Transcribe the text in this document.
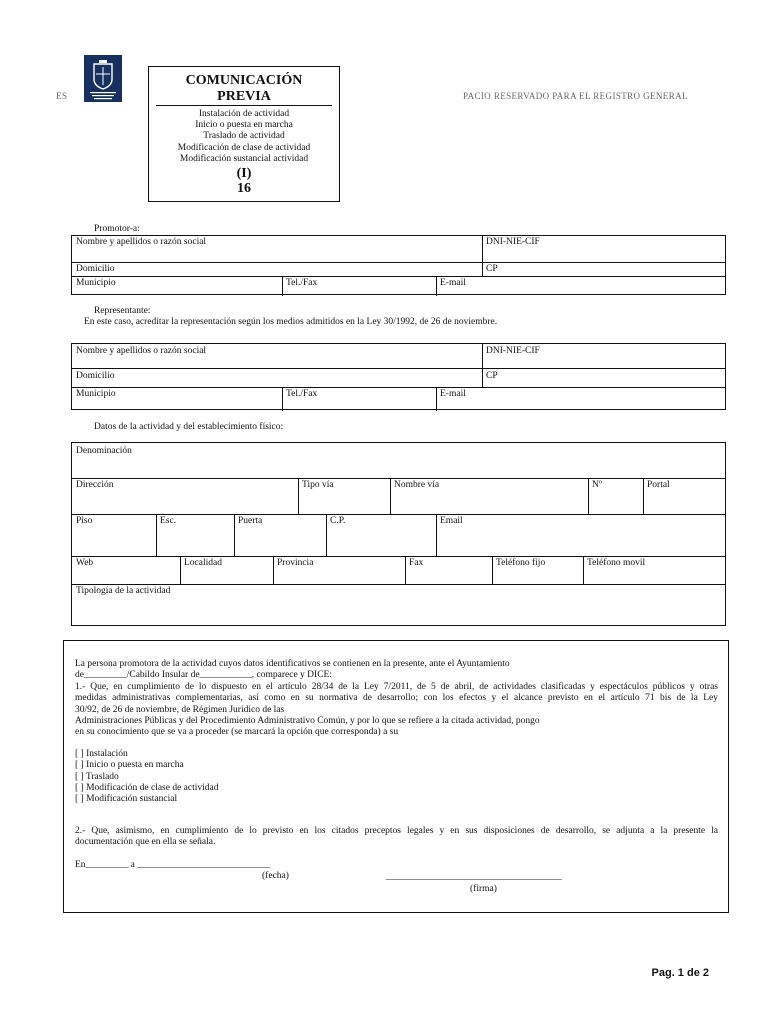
ES	PACIO RESERVADO PARA EL REGISTRO GENERAL
COMUNICACIÓN
PREVIA
Instalación de actividad
Inicio o puesta en marcha
Traslado de actividad
Modificación de clase de actividad
Modificación sustancial actividad
(I)
16
Promotor-a:
Nombre y apellidos o razón social	DNI-NIE-CIF
Domicilio	CP
Municipio	Tel./Fax	E-mail
Representante:
En este caso, acreditar la representación según los medios admitidos en la Ley 30/1992, de 26 de noviembre.
Nombre y apellidos o razón social	DNI-NIE-CIF
Domicilio	CP
Municipio	Tel./Fax	E-mail
Datos de la actividad y del establecimiento físico:
Denominación
Dirección	Tipo vía	Nombre vía	Nº	Portal
Piso	Esc.	Puerta	C.P.	Email
Web	Localidad	Provincia	Fax	Teléfono fijo	Teléfono movil
Tipología de la actividad
La persona promotora de la actividad cuyos datos identificativos se contienen en la presente, ante el Ayuntamiento
de_________/Cabildo Insular de___________, comparece y DICE:
1.- Que, en cumplimiento de lo dispuesto en el artículo 28/34 de la Ley 7/2011, de 5 de abril, de actividades clasificadas y espectáculos públicos y otras
medidas administrativas complementarias, así como en su normativa de desarrollo; con los efectos y el alcance previsto en el artículo 71 bis de la Ley
30/92, de 26 de noviembre, de Régimen Jurídico de las
Administraciones Públicas y del Procedimiento Administrativo Común, y por lo que se refiere a la citada actividad, pongo
en su conocimiento que se va a proceder (se marcará la opción que corresponda) a su
[ ] Instalación
[ ] Inicio o puesta en marcha
[ ] Traslado
[ ] Modificación de clase de actividad
[ ] Modificación sustancial
2.- Que, asimismo, en cumplimiento de lo previsto en los citados preceptos legales y en sus disposiciones de desarrollo, se adjunta a la presente la
documentación que en ella se señala.
En_________ a ____________________________
(fecha)	_____________________________________
(firma)
Pag. 1 de 2
